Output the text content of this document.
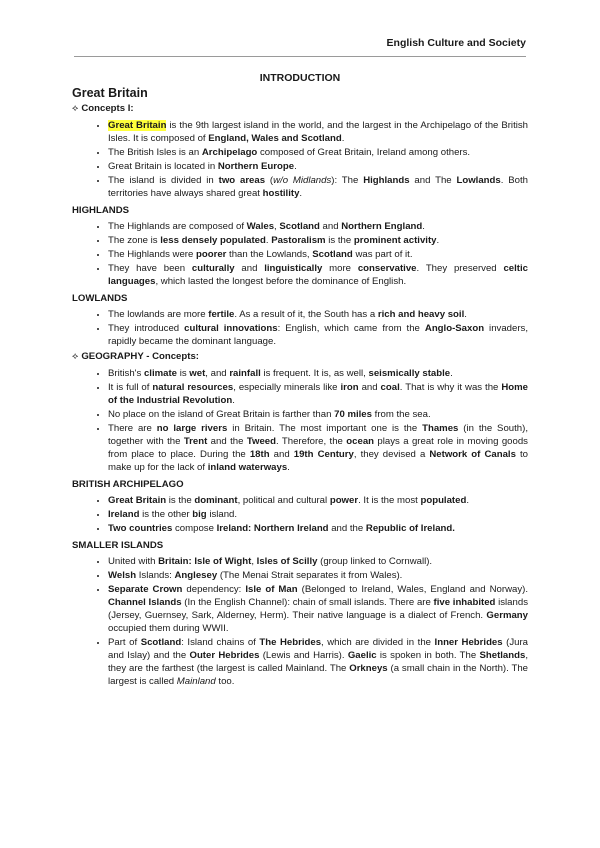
English Culture and Society
INTRODUCTION
Great Britain
⟡ Concepts I:
• Great Britain is the 9th largest island in the world, and the largest in the Archipelago of the British Isles. It is composed of England, Wales and Scotland.
• The British Isles is an Archipelago composed of Great Britain, Ireland among others.
• Great Britain is located in Northern Europe.
• The island is divided in two areas (w/o Midlands): The Highlands and The Lowlands. Both territories have always shared great hostility.
HIGHLANDS
• The Highlands are composed of Wales, Scotland and Northern England.
• The zone is less densely populated. Pastoralism is the prominent activity.
• The Highlands were poorer than the Lowlands, Scotland was part of it.
• They have been culturally and linguistically more conservative. They preserved celtic languages, which lasted the longest before the dominance of English.
LOWLANDS
• The lowlands are more fertile. As a result of it, the South has a rich and heavy soil.
• They introduced cultural innovations: English, which came from the Anglo-Saxon invaders, rapidly became the dominant language.
⟡ GEOGRAPHY - Concepts:
• British's climate is wet, and rainfall is frequent. It is, as well, seismically stable.
• It is full of natural resources, especially minerals like iron and coal. That is why it was the Home of the Industrial Revolution.
• No place on the island of Great Britain is farther than 70 miles from the sea.
• There are no large rivers in Britain. The most important one is the Thames (in the South), together with the Trent and the Tweed. Therefore, the ocean plays a great role in moving goods from place to place. During the 18th and 19th Century, they devised a Network of Canals to make up for the lack of inland waterways.
BRITISH ARCHIPELAGO
• Great Britain is the dominant, political and cultural power. It is the most populated.
• Ireland is the other big island.
• Two countries compose Ireland: Northern Ireland and the Republic of Ireland.
SMALLER ISLANDS
• United with Britain: Isle of Wight, Isles of Scilly (group linked to Cornwall).
• Welsh Islands: Anglesey (The Menai Strait separates it from Wales).
• Separate Crown dependency: Isle of Man (Belonged to Ireland, Wales, England and Norway). Channel Islands (In the English Channel): chain of small islands. There are five inhabited islands (Jersey, Guernsey, Sark, Alderney, Herm). Their native language is a dialect of French. Germany occupied them during WWII.
• Part of Scotland: Island chains of The Hebrides, which are divided in the Inner Hebrides (Jura and Islay) and the Outer Hebrides (Lewis and Harris). Gaelic is spoken in both. The Shetlands, they are the farthest (the largest is called Mainland. The Orkneys (a small chain in the North). The largest is called Mainland too.
